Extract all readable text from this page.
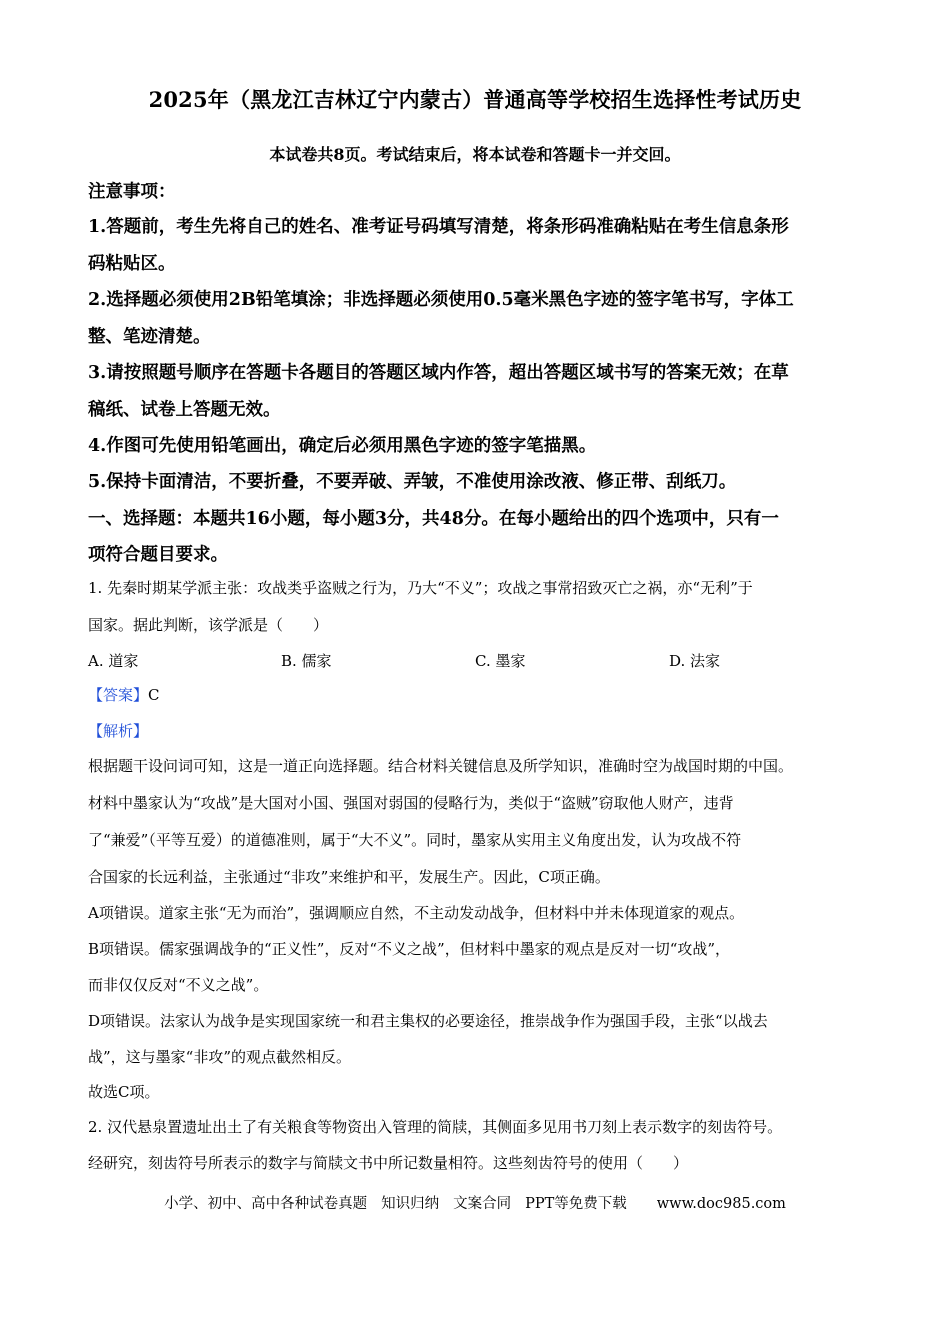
2025年（黑龙江吉林辽宁内蒙古）普通高等学校招生选择性考试历史
本试卷共8页。考试结束后，将本试卷和答题卡一并交回。
注意事项：
1.答题前，考生先将自己的姓名、准考证号码填写清楚，将条形码准确粘贴在考生信息条形
码粘贴区。
2.选择题必须使用2B铅笔填涂；非选择题必须使用0.5毫米黑色字迹的签字笔书写，字体工
整、笔迹清楚。
3.请按照题号顺序在答题卡各题目的答题区域内作答，超出答题区域书写的答案无效；在草
稿纸、试卷上答题无效。
4.作图可先使用铅笔画出，确定后必须用黑色字迹的签字笔描黑。
5.保持卡面清洁，不要折叠，不要弄破、弄皱，不准使用涂改液、修正带、刮纸刀。
一、选择题：本题共16小题，每小题3分，共48分。在每小题给出的四个选项中，只有一
项符合题目要求。
1. 先秦时期某学派主张：攻战类乎盗贼之行为，乃大“不义”；攻战之事常招致灭亡之祸，亦“无利”于
国家。据此判断，该学派是（　　）
A. 道家	B. 儒家	C. 墨家	D. 法家
【答案】C
【解析】
根据题干设问词可知，这是一道正向选择题。结合材料关键信息及所学知识，准确时空为战国时期的中国。
材料中墨家认为“攻战”是大国对小国、强国对弱国的侵略行为，类似于“盗贼”窃取他人财产，违背
了“兼爱”（平等互爱）的道德准则，属于“大不义”。同时，墨家从实用主义角度出发，认为攻战不符
合国家的长远利益，主张通过“非攻”来维护和平，发展生产。因此，C项正确。
A项错误。道家主张“无为而治”，强调顺应自然，不主动发动战争，但材料中并未体现道家的观点。
B项错误。儒家强调战争的“正义性”，反对“不义之战”，但材料中墨家的观点是反对一切“攻战”，
而非仅仅反对“不义之战”。
D项错误。法家认为战争是实现国家统一和君主集权的必要途径，推崇战争作为强国手段，主张“以战去
战”，这与墨家“非攻”的观点截然相反。
故选C项。
2. 汉代悬泉置遗址出土了有关粮食等物资出入管理的简牍，其侧面多见用书刀刻上表示数字的刻齿符号。
经研究，刻齿符号所表示的数字与简牍文书中所记数量相符。这些刻齿符号的使用（　　）
小学、初中、高中各种试卷真题 知识归纳 文案合同 PPT等免费下载 www.doc985.com
